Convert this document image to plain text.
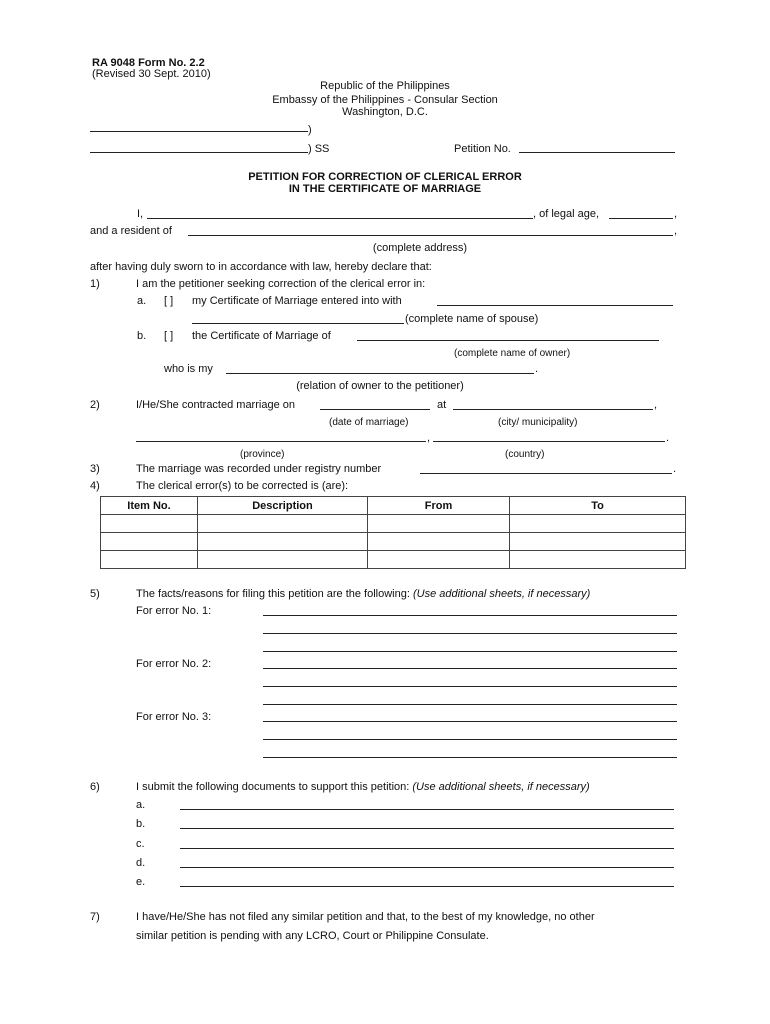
RA 9048 Form No. 2.2
(Revised 30 Sept. 2010)
Republic of the Philippines
Embassy of the Philippines - Consular Section
Washington, D.C.
)
) SS	Petition No.
PETITION FOR CORRECTION OF CLERICAL ERROR
IN THE CERTIFICATE OF MARRIAGE
I,	, of legal age,	,
and a resident of	,
(complete address)
after having duly sworn to in accordance with law, hereby declare that:
1)	I am the petitioner seeking correction of the clerical error in:
a. [ ] my Certificate of Marriage entered into with
(complete name of spouse)
b. [ ] the Certificate of Marriage of
(complete name of owner)
who is my	.
(relation of owner to the petitioner)
2)	I/He/She contracted marriage on	at	,
(date of marriage)	(city/ municipality)
,	.
(province)	(country)
3)	The marriage was recorded under registry number	.
4)	The clerical error(s) to be corrected is (are):
Item No.	Description	From	To

5)	The facts/reasons for filing this petition are the following: (Use additional sheets, if necessary)
For error No. 1:
For error No. 2:
For error No. 3:
6)	I submit the following documents to support this petition: (Use additional sheets, if necessary)
a.
b.
c.
d.
e.
7)	I have/He/She has not filed any similar petition and that, to the best of my knowledge, no other
similar petition is pending with any LCRO, Court or Philippine Consulate.
